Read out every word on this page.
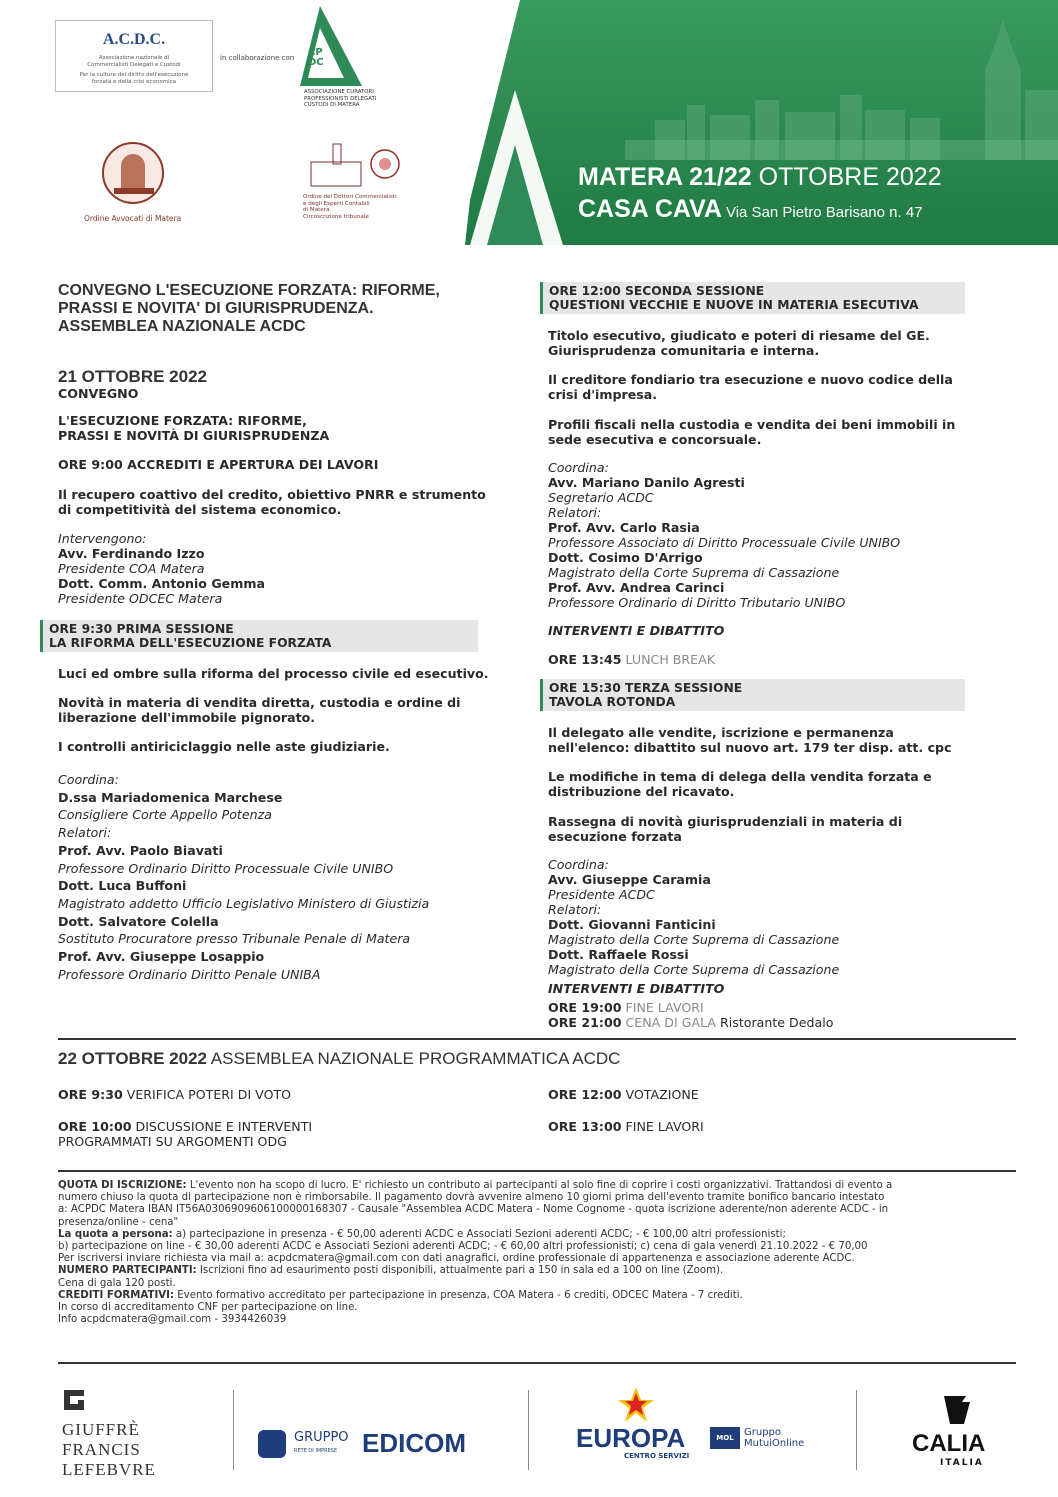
A.C.D.C.
Associazione nazionale di
Commercialisti Delegati e Custodi
Per la cultura del diritto dell'esecuzione
forzata e della crisi economica
in collaborazione con CPDC
ASSOCIAZIONE CURATORI
PROFESSIONISTI DELEGATI
CUSTODI DI MATERA
Ordine Avvocati di Matera
Ordine dei Dottori Commercialisti
e degli Esperti Contabili
di Matera
Circoscrizione tribunale
MATERA 21/22 OTTOBRE 2022
CASA CAVA Via San Pietro Barisano n. 47
CONVEGNO L'ESECUZIONE FORZATA: RIFORME,
PRASSI E NOVITA' DI GIURISPRUDENZA.
ASSEMBLEA NAZIONALE ACDC
21 OTTOBRE 2022
CONVEGNO
L'ESECUZIONE FORZATA: RIFORME,
PRASSI E NOVITÀ DI GIURISPRUDENZA
ORE 9:00 ACCREDITI E APERTURA DEI LAVORI
Il recupero coattivo del credito, obiettivo PNRR e strumento
di competitività del sistema economico.
Intervengono:
Avv. Ferdinando Izzo
Presidente COA Matera
Dott. Comm. Antonio Gemma
Presidente ODCEC Matera
ORE 9:30 PRIMA SESSIONE
LA RIFORMA DELL'ESECUZIONE FORZATA
Luci ed ombre sulla riforma del processo civile ed esecutivo.
Novità in materia di vendita diretta, custodia e ordine di
liberazione dell'immobile pignorato.
I controlli antiriciclaggio nelle aste giudiziarie.
Coordina:
D.ssa Mariadomenica Marchese
Consigliere Corte Appello Potenza
Relatori:
Prof. Avv. Paolo Biavati
Professore Ordinario Diritto Processuale Civile UNIBO
Dott. Luca Buffoni
Magistrato addetto Ufficio Legislativo Ministero di Giustizia
Dott. Salvatore Colella
Sostituto Procuratore presso Tribunale Penale di Matera
Prof. Avv. Giuseppe Losappio
Professore Ordinario Diritto Penale UNIBA
ORE 12:00 SECONDA SESSIONE
QUESTIONI VECCHIE E NUOVE IN MATERIA ESECUTIVA
Titolo esecutivo, giudicato e poteri di riesame del GE.
Giurisprudenza comunitaria e interna.
Il creditore fondiario tra esecuzione e nuovo codice della
crisi d'impresa.
Profili fiscali nella custodia e vendita dei beni immobili in
sede esecutiva e concorsuale.
Coordina:
Avv. Mariano Danilo Agresti
Segretario ACDC
Relatori:
Prof. Avv. Carlo Rasia
Professore Associato di Diritto Processuale Civile UNIBO
Dott. Cosimo D'Arrigo
Magistrato della Corte Suprema di Cassazione
Prof. Avv. Andrea Carinci
Professore Ordinario di Diritto Tributario UNIBO
INTERVENTI E DIBATTITO
ORE 13:45 LUNCH BREAK
ORE 15:30 TERZA SESSIONE
TAVOLA ROTONDA
Il delegato alle vendite, iscrizione e permanenza
nell'elenco: dibattito sul nuovo art. 179 ter disp. att. cpc
Le modifiche in tema di delega della vendita forzata e
distribuzione del ricavato.
Rassegna di novità giurisprudenziali in materia di
esecuzione forzata
Coordina:
Avv. Giuseppe Caramia
Presidente ACDC
Relatori:
Dott. Giovanni Fanticini
Magistrato della Corte Suprema di Cassazione
Dott. Raffaele Rossi
Magistrato della Corte Suprema di Cassazione
INTERVENTI E DIBATTITO
ORE 19:00 FINE LAVORI
ORE 21:00 CENA DI GALA Ristorante Dedalo
22 OTTOBRE 2022 ASSEMBLEA NAZIONALE PROGRAMMATICA ACDC
ORE 9:30 VERIFICA POTERI DI VOTO
ORE 10:00 DISCUSSIONE E INTERVENTI
PROGRAMMATI SU ARGOMENTI ODG
ORE 12:00 VOTAZIONE
ORE 13:00 FINE LAVORI
QUOTA DI ISCRIZIONE: L'evento non ha scopo di lucro. E' richiesto un contributo ai partecipanti al solo fine di coprire i costi organizzativi. Trattandosi di evento a
numero chiuso la quota di partecipazione non è rimborsabile. Il pagamento dovrà avvenire almeno 10 giorni prima dell'evento tramite bonifico bancario intestato
a: ACPDC Matera IBAN IT56A0306909606100000168307 - Causale "Assemblea ACDC Matera - Nome Cognome - quota iscrizione aderente/non aderente ACDC - in
presenza/online - cena"
La quota a persona: a) partecipazione in presenza - € 50,00 aderenti ACDC e Associati Sezioni aderenti ACDC; - € 100,00 altri professionisti;
b) partecipazione on line - € 30,00 aderenti ACDC e Associati Sezioni aderenti ACDC; - € 60,00 altri professionisti; c) cena di gala venerdì 21.10.2022 - € 70,00
Per iscriversi inviare richiesta via mail a: acpdcmatera@gmail.com con dati anagrafici, ordine professionale di appartenenza e associazione aderente ACDC.
NUMERO PARTECIPANTI: Iscrizioni fino ad esaurimento posti disponibili, attualmente pari a 150 in sala ed a 100 on line (Zoom).
Cena di gala 120 posti.
CREDITI FORMATIVI: Evento formativo accreditato per partecipazione in presenza, COA Matera - 6 crediti, ODCEC Matera - 7 crediti.
In corso di accreditamento CNF per partecipazione on line.
Info acpdcmatera@gmail.com - 3934426039
GIUFFRÈ
FRANCIS
LEFEBVRE
GRUPPO
RETE DI IMPRESE EDICOM	EUROPA
CENTRO SERVIZI
MOL	Gruppo
MutuiOnline	CALIA
ITALIA
